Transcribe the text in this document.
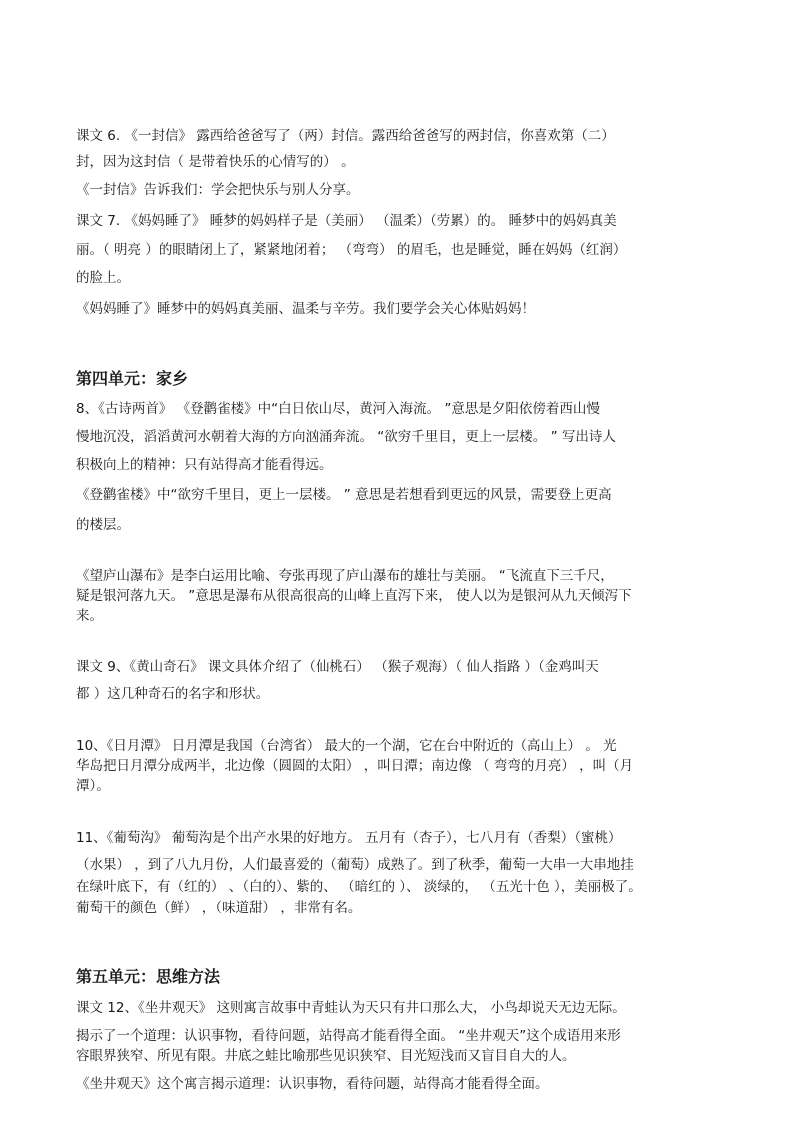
课文 6. 《一封信》 露西给爸爸写了（两）封信。露西给爸爸写的两封信，你喜欢第（二）
封，因为这封信（ 是带着快乐的心情写的） 。
《一封信》告诉我们：学会把快乐与别人分享。
课文 7. 《妈妈睡了》 睡梦的妈妈样子是（美丽） （温柔）（劳累）的。 睡梦中的妈妈真美
丽。（ 明亮 ）的眼睛闭上了，紧紧地闭着； （弯弯） 的眉毛，也是睡觉，睡在妈妈（红润）
的脸上。
《妈妈睡了》睡梦中的妈妈真美丽、温柔与辛劳。我们要学会关心体贴妈妈！
第四单元：家乡
8、《古诗两首》 《登鹳雀楼》中“白日依山尽，黄河入海流。 ”意思是夕阳依傍着西山慢
慢地沉没，滔滔黄河水朝着大海的方向汹涌奔流。 “欲穷千里目，更上一层楼。 ” 写出诗人
积极向上的精神：只有站得高才能看得远。
《登鹳雀楼》中“欲穷千里目，更上一层楼。 ” 意思是若想看到更远的风景，需要登上更高
的楼层。
《望庐山瀑布》是李白运用比喻、夸张再现了庐山瀑布的雄壮与美丽。 “飞流直下三千尺，
疑是银河落九天。 ”意思是瀑布从很高很高的山峰上直泻下来， 使人以为是银河从九天倾泻下
来。
课文 9、《黄山奇石》 课文具体介绍了（仙桃石） （猴子观海）（ 仙人指路 ）（金鸡叫天
都 ）这几种奇石的名字和形状。
10、《日月潭》 日月潭是我国（台湾省） 最大的一个湖，它在台中附近的（高山上） 。 光
华岛把日月潭分成两半，北边像（圆圆的太阳） ，叫日潭；南边像 （ 弯弯的月亮） ，叫（月
潭）。
11、《葡萄沟》 葡萄沟是个出产水果的好地方。 五月有（杏子），七八月有（香梨）（蜜桃）
（水果） ，到了八九月份，人们最喜爱的（葡萄）成熟了。到了秋季，葡萄一大串一大串地挂
在绿叶底下，有（红的） 、（白的）、紫的、 （暗红的 ）、 淡绿的， （五光十色 ），美丽极了。
葡萄干的颜色（鲜） ，（味道甜） ，非常有名。
第五单元：思维方法
课文 12、《坐井观天》 这则寓言故事中青蛙认为天只有井口那么大， 小鸟却说天无边无际。
揭示了一个道理：认识事物，看待问题，站得高才能看得全面。 “坐井观天”这个成语用来形
容眼界狭窄、所见有限。井底之蛙比喻那些见识狭窄、目光短浅而又盲目自大的人。
《坐井观天》这个寓言揭示道理：认识事物，看待问题，站得高才能看得全面。
